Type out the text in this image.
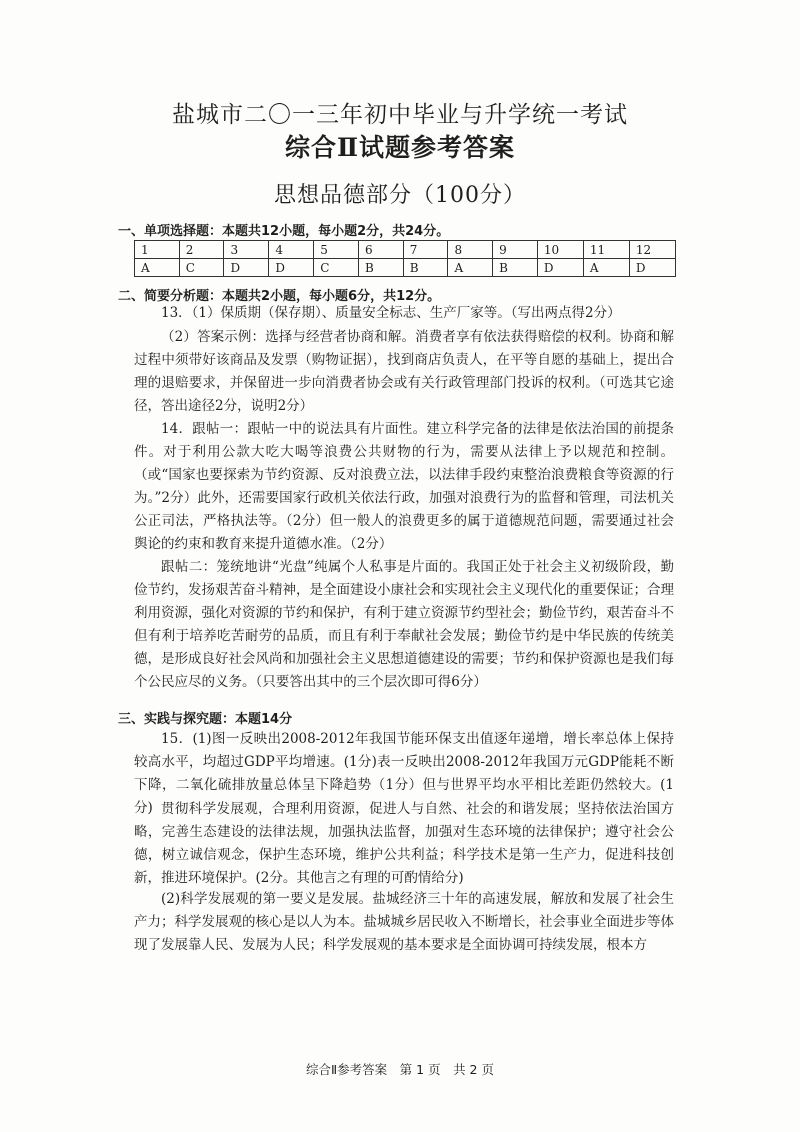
盐城市二〇一三年初中毕业与升学统一考试
综合Ⅱ试题参考答案
思想品德部分（100分）
一、单项选择题：本题共12小题，每小题2分，共24分。
1	2	3	4	5	6	7	8	9	10	11	12
A	C	D	D	C	B	B	A	B	D	A	D
二、简要分析题：本题共2小题，每小题6分，共12分。
13．（1）保质期（保存期）、质量安全标志、生产厂家等。（写出两点得2分）
（2）答案示例：选择与经营者协商和解。消费者享有依法获得赔偿的权利。协商和解过程中须带好该商品及发票（购物证据），找到商店负责人，在平等自愿的基础上，提出合理的退赔要求，并保留进一步向消费者协会或有关行政管理部门投诉的权利。（可选其它途径，答出途径2分，说明2分）
14．跟帖一：跟帖一中的说法具有片面性。建立科学完备的法律是依法治国的前提条件。对于利用公款大吃大喝等浪费公共财物的行为，需要从法律上予以规范和控制。（或“国家也要探索为节约资源、反对浪费立法，以法律手段约束整治浪费粮食等资源的行为。”2分）此外，还需要国家行政机关依法行政，加强对浪费行为的监督和管理，司法机关公正司法，严格执法等。（2分）但一般人的浪费更多的属于道德规范问题，需要通过社会舆论的约束和教育来提升道德水准。（2分）
跟帖二：笼统地讲“光盘”纯属个人私事是片面的。我国正处于社会主义初级阶段，勤俭节约，发扬艰苦奋斗精神，是全面建设小康社会和实现社会主义现代化的重要保证；合理利用资源，强化对资源的节约和保护，有利于建立资源节约型社会；勤俭节约，艰苦奋斗不但有利于培养吃苦耐劳的品质，而且有利于奉献社会发展；勤俭节约是中华民族的传统美德，是形成良好社会风尚和加强社会主义思想道德建设的需要；节约和保护资源也是我们每个公民应尽的义务。（只要答出其中的三个层次即可得6分）
三、实践与探究题：本题14分
15．(1)图一反映出2008-2012年我国节能环保支出值逐年递增，增长率总体上保持较高水平，均超过GDP平均增速。(1分)表一反映出2008-2012年我国万元GDP能耗不断下降，二氧化硫排放量总体呈下降趋势（1分）但与世界平均水平相比差距仍然较大。(1分) 贯彻科学发展观，合理利用资源，促进人与自然、社会的和谐发展；坚持依法治国方略，完善生态建设的法律法规，加强执法监督，加强对生态环境的法律保护；遵守社会公德，树立诚信观念，保护生态环境，维护公共利益；科学技术是第一生产力，促进科技创新，推进环境保护。(2分。其他言之有理的可酌情给分)
(2)科学发展观的第一要义是发展。盐城经济三十年的高速发展，解放和发展了社会生产力；科学发展观的核心是以人为本。盐城城乡居民收入不断增长，社会事业全面进步等体现了发展靠人民、发展为人民；科学发展观的基本要求是全面协调可持续发展，根本方
综合Ⅱ参考答案　第 1 页　共 2 页
